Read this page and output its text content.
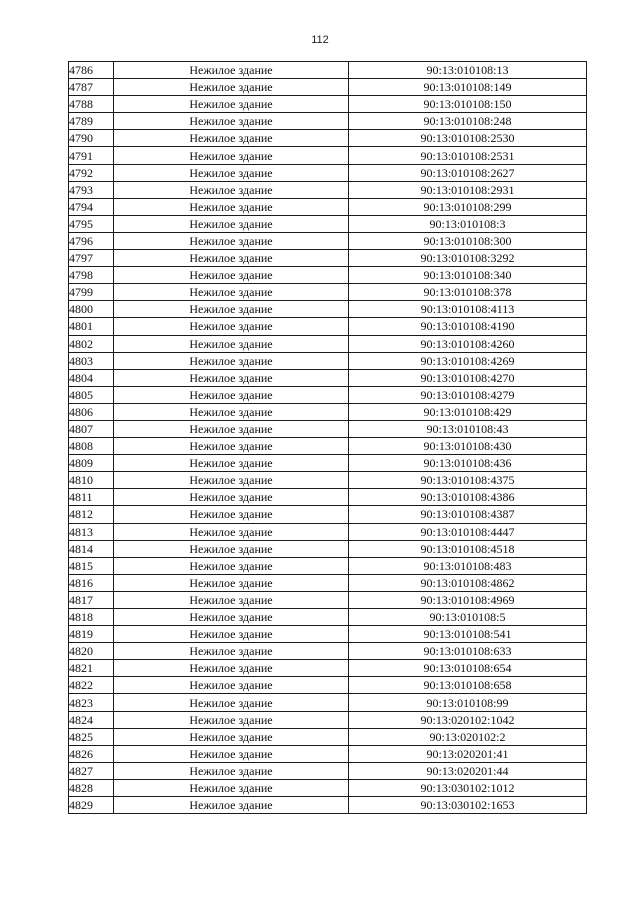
112
4786	Нежилое здание	90:13:010108:13
4787	Нежилое здание	90:13:010108:149
4788	Нежилое здание	90:13:010108:150
4789	Нежилое здание	90:13:010108:248
4790	Нежилое здание	90:13:010108:2530
4791	Нежилое здание	90:13:010108:2531
4792	Нежилое здание	90:13:010108:2627
4793	Нежилое здание	90:13:010108:2931
4794	Нежилое здание	90:13:010108:299
4795	Нежилое здание	90:13:010108:3
4796	Нежилое здание	90:13:010108:300
4797	Нежилое здание	90:13:010108:3292
4798	Нежилое здание	90:13:010108:340
4799	Нежилое здание	90:13:010108:378
4800	Нежилое здание	90:13:010108:4113
4801	Нежилое здание	90:13:010108:4190
4802	Нежилое здание	90:13:010108:4260
4803	Нежилое здание	90:13:010108:4269
4804	Нежилое здание	90:13:010108:4270
4805	Нежилое здание	90:13:010108:4279
4806	Нежилое здание	90:13:010108:429
4807	Нежилое здание	90:13:010108:43
4808	Нежилое здание	90:13:010108:430
4809	Нежилое здание	90:13:010108:436
4810	Нежилое здание	90:13:010108:4375
4811	Нежилое здание	90:13:010108:4386
4812	Нежилое здание	90:13:010108:4387
4813	Нежилое здание	90:13:010108:4447
4814	Нежилое здание	90:13:010108:4518
4815	Нежилое здание	90:13:010108:483
4816	Нежилое здание	90:13:010108:4862
4817	Нежилое здание	90:13:010108:4969
4818	Нежилое здание	90:13:010108:5
4819	Нежилое здание	90:13:010108:541
4820	Нежилое здание	90:13:010108:633
4821	Нежилое здание	90:13:010108:654
4822	Нежилое здание	90:13:010108:658
4823	Нежилое здание	90:13:010108:99
4824	Нежилое здание	90:13:020102:1042
4825	Нежилое здание	90:13:020102:2
4826	Нежилое здание	90:13:020201:41
4827	Нежилое здание	90:13:020201:44
4828	Нежилое здание	90:13:030102:1012
4829	Нежилое здание	90:13:030102:1653
